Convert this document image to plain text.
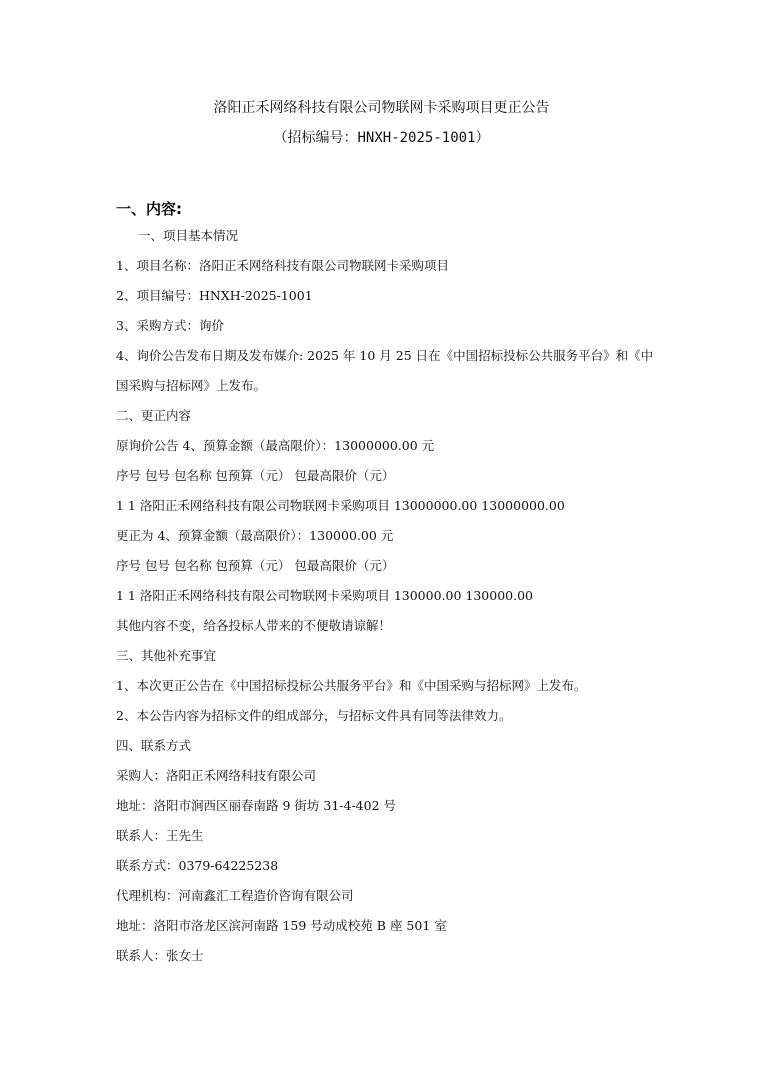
洛阳正禾网络科技有限公司物联网卡采购项目更正公告
（招标编号：HNXH-2025-1001）
一、内容:
一、项目基本情况
1、项目名称：洛阳正禾网络科技有限公司物联网卡采购项目
2、项目编号：HNXH-2025-1001
3、采购方式：询价
4、询价公告发布日期及发布媒介: 2025 年 10 月 25 日在《中国招标投标公共服务平台》和《中
国采购与招标网》上发布。
二、更正内容
原询价公告 4、预算金额（最高限价）：13000000.00 元
序号 包号 包名称 包预算（元） 包最高限价（元）
1 1 洛阳正禾网络科技有限公司物联网卡采购项目 13000000.00 13000000.00
更正为 4、预算金额（最高限价）：130000.00 元
序号 包号 包名称 包预算（元） 包最高限价（元）
1 1 洛阳正禾网络科技有限公司物联网卡采购项目 130000.00 130000.00
其他内容不变，给各投标人带来的不便敬请谅解！
三、其他补充事宜
1、本次更正公告在《中国招标投标公共服务平台》和《中国采购与招标网》上发布。
2、本公告内容为招标文件的组成部分，与招标文件具有同等法律效力。
四、联系方式
采购人：洛阳正禾网络科技有限公司
地址：洛阳市涧西区丽春南路 9 街坊 31-4-402 号
联系人：王先生
联系方式：0379-64225238
代理机构：河南鑫汇工程造价咨询有限公司
地址：洛阳市洛龙区滨河南路 159 号动成校苑 B 座 501 室
联系人：张女士
